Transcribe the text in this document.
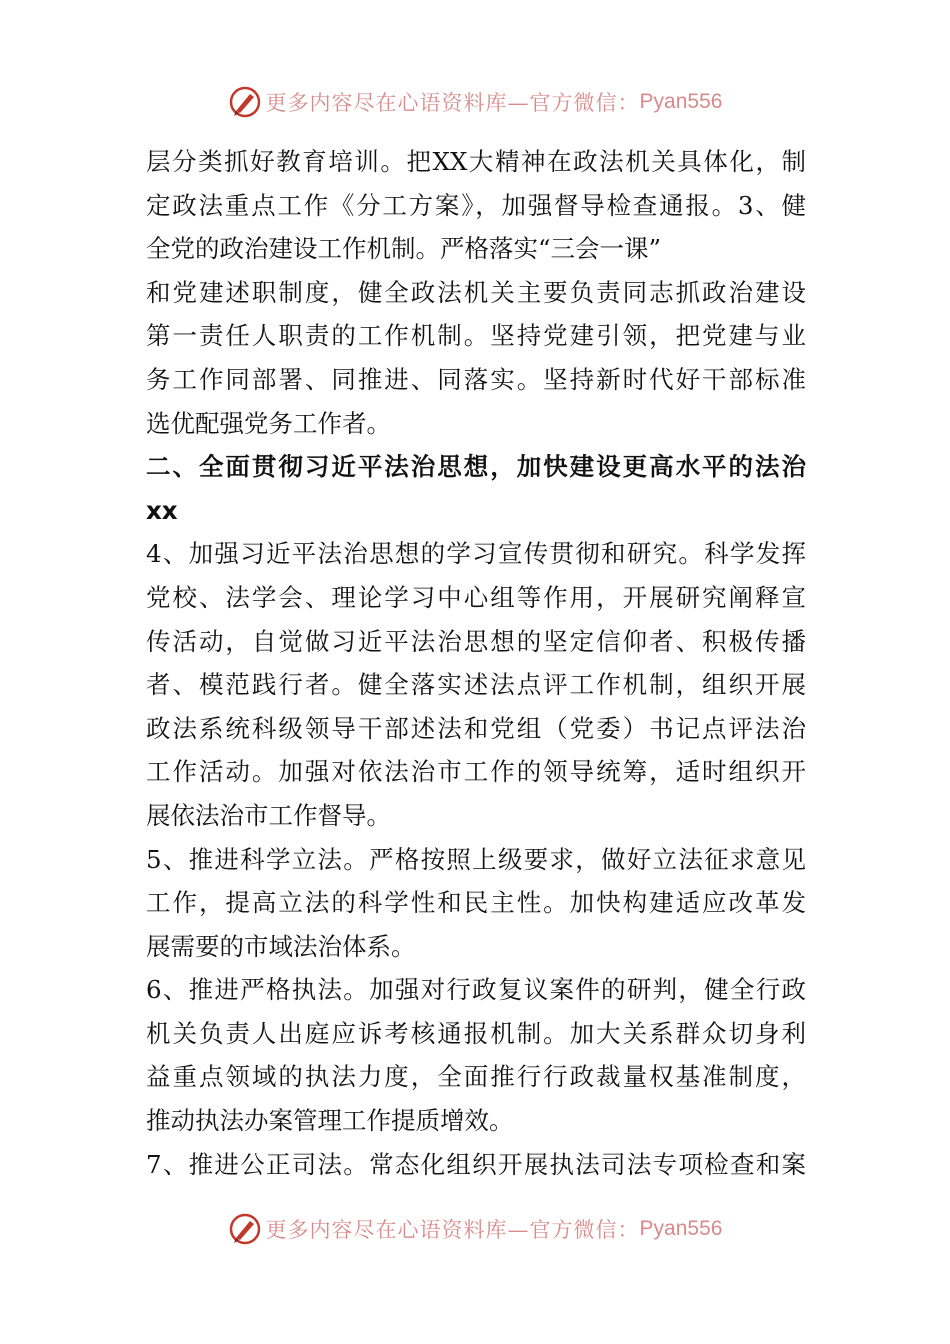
更多内容尽在心语资料库—官方微信： Pyan556
层分类抓好教育培训。把XX大精神在政法机关具体化，制
定政法重点工作《分工方案》，加强督导检查通报。3、健
全党的政治建设工作机制。严格落实“三会一课”
和党建述职制度，健全政法机关主要负责同志抓政治建设
第一责任人职责的工作机制。坚持党建引领，把党建与业
务工作同部署、同推进、同落实。坚持新时代好干部标准
选优配强党务工作者。
二、全面贯彻习近平法治思想，加快建设更高水平的法治
xx
4、加强习近平法治思想的学习宣传贯彻和研究。科学发挥
党校、法学会、理论学习中心组等作用，开展研究阐释宣
传活动，自觉做习近平法治思想的坚定信仰者、积极传播
者、模范践行者。健全落实述法点评工作机制，组织开展
政法系统科级领导干部述法和党组（党委）书记点评法治
工作活动。加强对依法治市工作的领导统筹，适时组织开
展依法治市工作督导。
5、推进科学立法。严格按照上级要求，做好立法征求意见
工作，提高立法的科学性和民主性。加快构建适应改革发
展需要的市域法治体系。
6、推进严格执法。加强对行政复议案件的研判，健全行政
机关负责人出庭应诉考核通报机制。加大关系群众切身利
益重点领域的执法力度，全面推行行政裁量权基准制度，
推动执法办案管理工作提质增效。
7、推进公正司法。常态化组织开展执法司法专项检查和案
更多内容尽在心语资料库—官方微信： Pyan556
